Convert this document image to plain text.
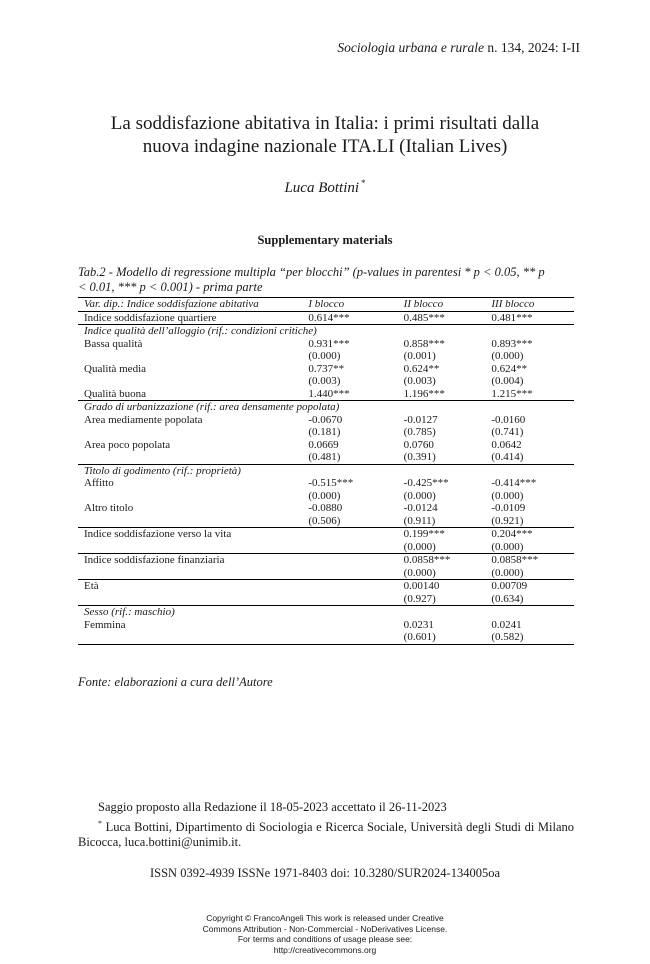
Sociologia urbana e rurale n. 134, 2024: I-II
La soddisfazione abitativa in Italia: i primi risultati dalla
nuova indagine nazionale ITA.LI (Italian Lives)
Luca Bottini *
Supplementary materials
Tab.2 - Modello di regressione multipla “per blocchi” (p-values in parentesi * p < 0.05, ** p
< 0.01, *** p < 0.001) - prima parte
Var. dip.: Indice soddisfazione abitativa	I blocco	II blocco	III blocco
Indice soddisfazione quartiere	0.614***	0.485***	0.481***
Indice qualità dell’alloggio (rif.: condizioni critiche)			
Bassa qualità	0.931***	0.858***	0.893***
	(0.000)	(0.001)	(0.000)
Qualità media	0.737**	0.624**	0.624**
	(0.003)	(0.003)	(0.004)
Qualità buona	1.440***	1.196***	1.215***
Grado di urbanizzazione (rif.: area densamente popolata)			
Area mediamente popolata	-0.0670	-0.0127	-0.0160
	(0.181)	(0.785)	(0.741)
Area poco popolata	0.0669	0.0760	0.0642
	(0.481)	(0.391)	(0.414)
Titolo di godimento (rif.: proprietà)			
Affitto	-0.515***	-0.425***	-0.414***
	(0.000)	(0.000)	(0.000)
Altro titolo	-0.0880	-0.0124	-0.0109
	(0.506)	(0.911)	(0.921)
Indice soddisfazione verso la vita		0.199***	0.204***
		(0.000)	(0.000)
Indice soddisfazione finanziaria		0.0858***	0.0858***
		(0.000)	(0.000)
Età		0.00140	0.00709
		(0.927)	(0.634)
Sesso (rif.: maschio)			
Femmina		0.0231	0.0241
		(0.601)	(0.582)
Fonte: elaborazioni a cura dell’Autore
Saggio proposto alla Redazione il 18-05-2023 accettato il 26-11-2023
* Luca Bottini, Dipartimento di Sociologia e Ricerca Sociale, Università degli Studi di Milano Bicocca, luca.bottini@unimib.it.
ISSN 0392-4939 ISSNe 1971-8403 doi: 10.3280/SUR2024-134005oa
Copyright © FrancoAngeli This work is released under Creative
Commons Attribution - Non-Commercial - NoDerivatives License.
For terms and conditions of usage please see:
http://creativecommons.org
